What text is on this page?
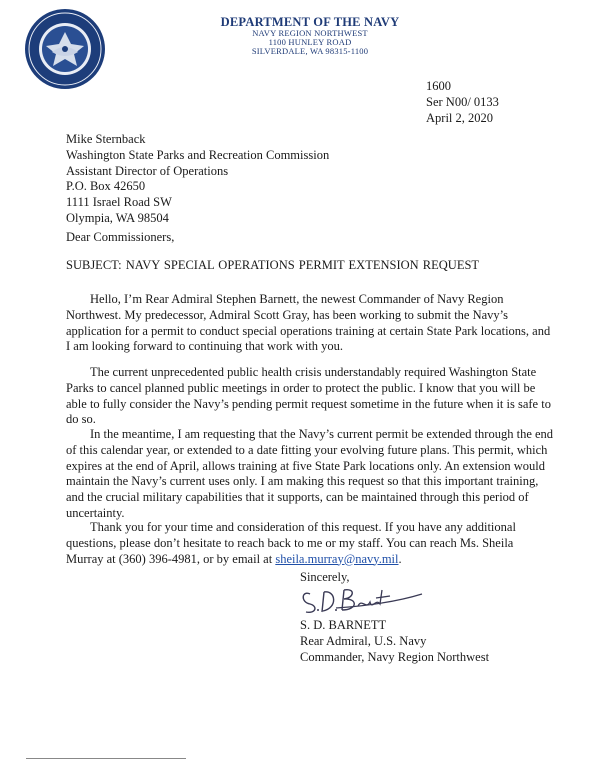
DEPARTMENT OF THE NAVY
NAVY REGION NORTHWEST
1100 HUNLEY ROAD
SILVERDALE, WA 98315-1100
1600
Ser N00/ 0133
April 2, 2020
Mike Sternback
Washington State Parks and Recreation Commission
Assistant Director of Operations
P.O. Box 42650
1111 Israel Road SW
Olympia, WA 98504
Dear Commissioners,
SUBJECT: NAVY SPECIAL OPERATIONS PERMIT EXTENSION REQUEST
Hello, I’m Rear Admiral Stephen Barnett, the newest Commander of Navy Region
Northwest. My predecessor, Admiral Scott Gray, has been working to submit the Navy’s
application for a permit to conduct special operations training at certain State Park locations, and
I am looking forward to continuing that work with you.
The current unprecedented public health crisis understandably required Washington State
Parks to cancel planned public meetings in order to protect the public. I know that you will be
able to fully consider the Navy’s pending permit request sometime in the future when it is safe to
do so.
In the meantime, I am requesting that the Navy’s current permit be extended through the end
of this calendar year, or extended to a date fitting your evolving future plans. This permit, which
expires at the end of April, allows training at five State Park locations only. An extension would
maintain the Navy’s current uses only. I am making this request so that this important training,
and the crucial military capabilities that it supports, can be maintained through this period of
uncertainty.
Thank you for your time and consideration of this request. If you have any additional
questions, please don’t hesitate to reach back to me or my staff. You can reach Ms. Sheila
Murray at (360) 396-4981, or by email at sheila.murray@navy.mil.
Sincerely,
S. D. BARNETT
Rear Admiral, U.S. Navy
Commander, Navy Region Northwest
